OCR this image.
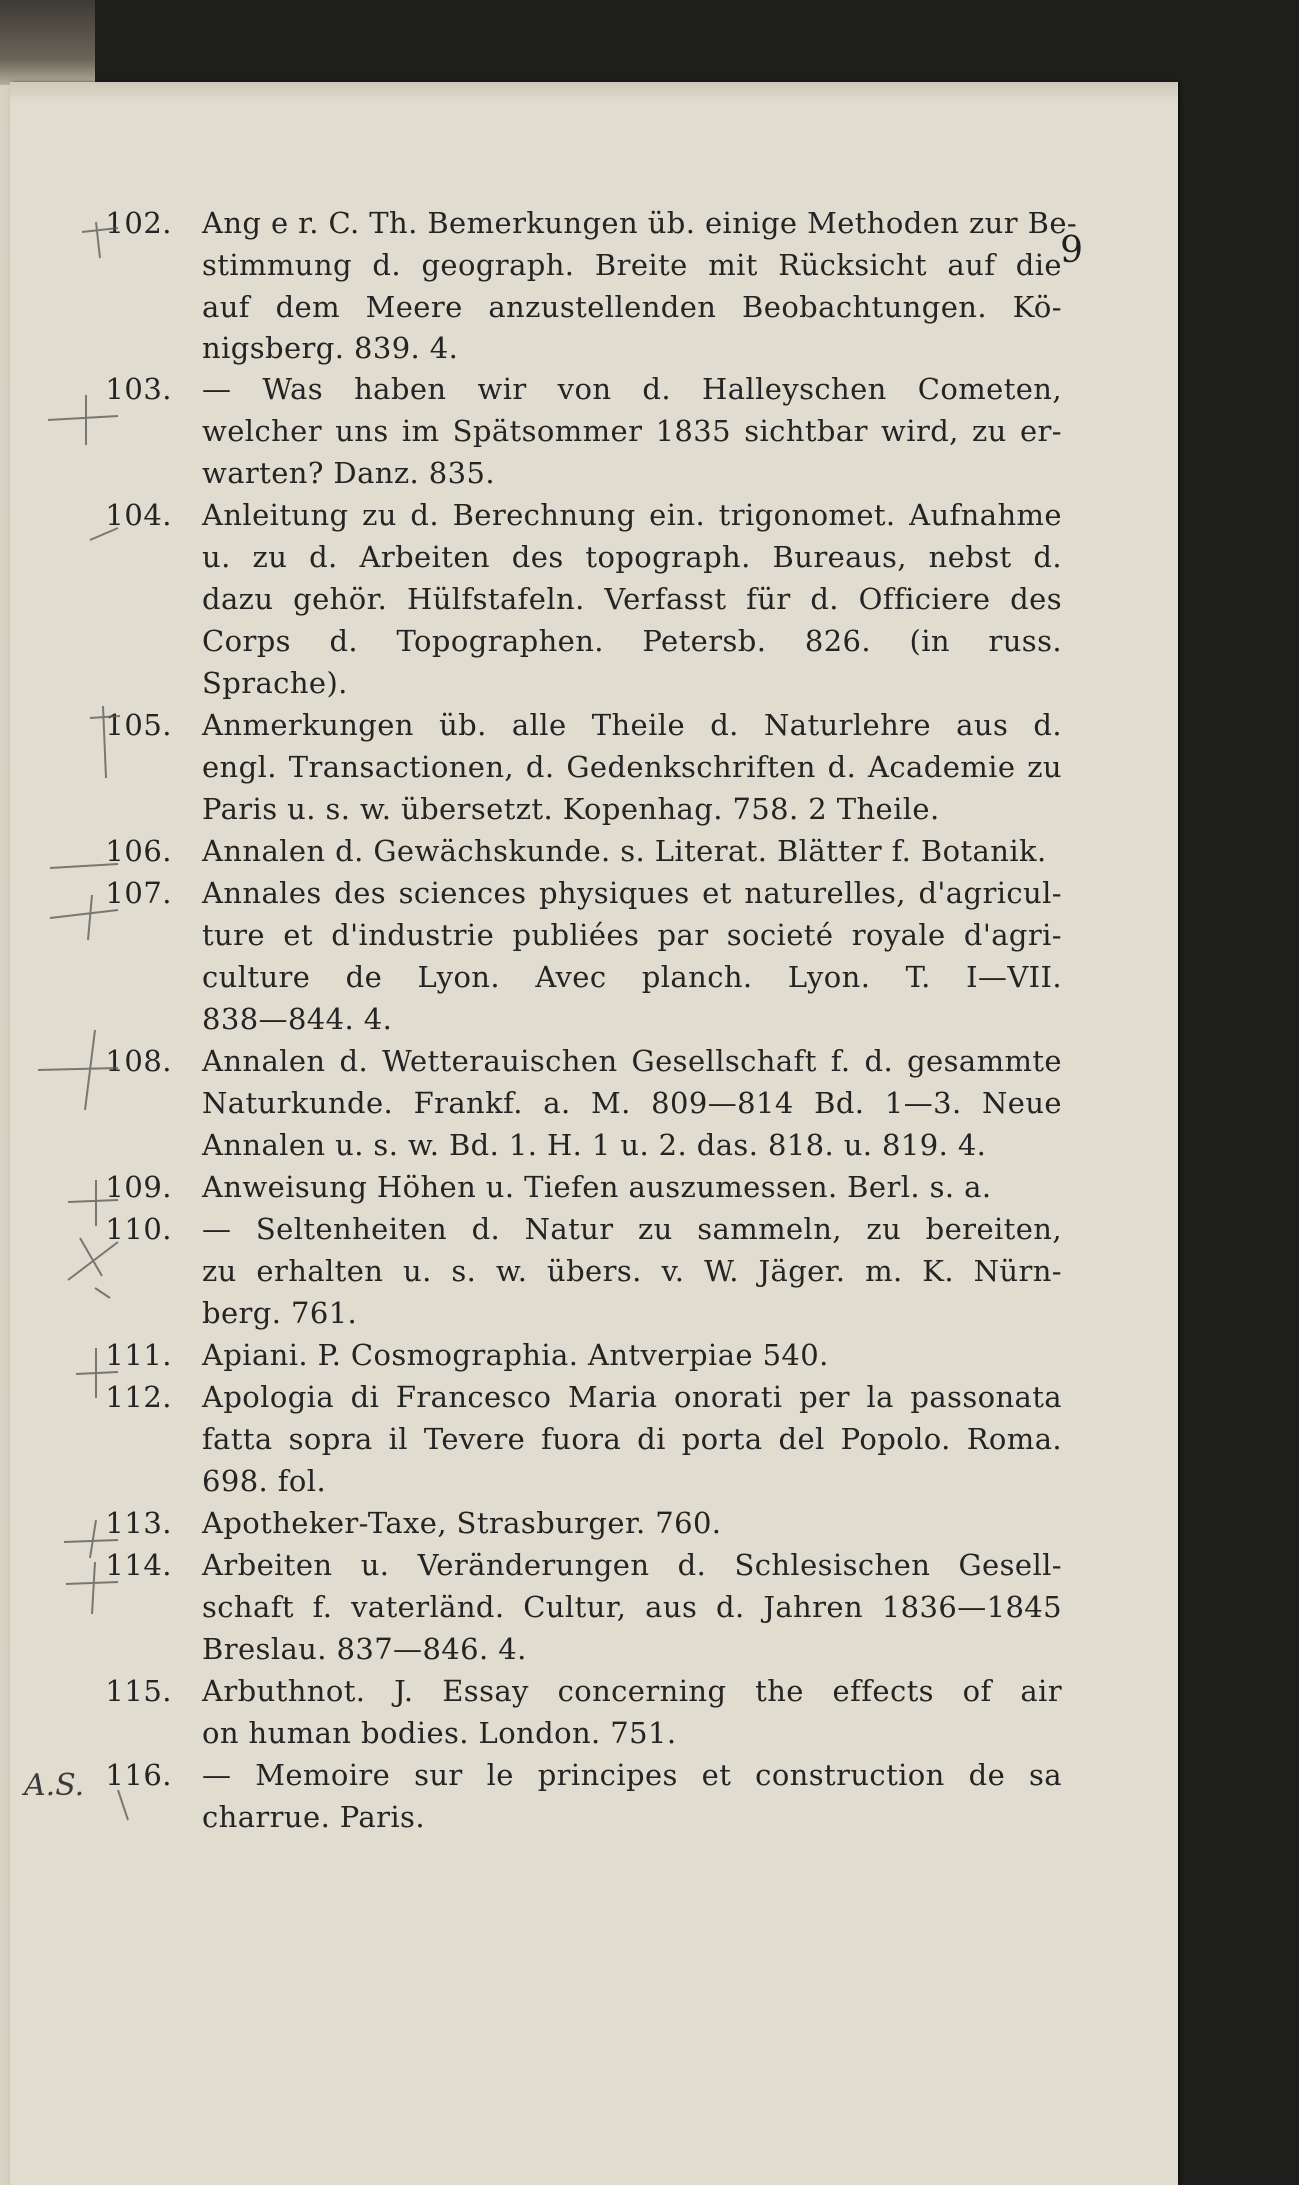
9
102. Ang e r. C. Th. Bemerkungen üb. einige Methoden zur Be-
stimmung d. geograph. Breite mit Rücksicht auf die
auf dem Meere anzustellenden Beobachtungen. Kö-
nigsberg. 839. 4.
103. — Was haben wir von d. Halleyschen Cometen,
welcher uns im Spätsommer 1835 sichtbar wird, zu er-
warten? Danz. 835.
104. Anleitung zu d. Berechnung ein. trigonomet. Aufnahme
u. zu d. Arbeiten des topograph. Bureaus, nebst d.
dazu gehör. Hülfstafeln. Verfasst für d. Officiere des
Corps d. Topographen. Petersb. 826. (in russ.
Sprache).
105. Anmerkungen üb. alle Theile d. Naturlehre aus d.
engl. Transactionen, d. Gedenkschriften d. Academie zu
Paris u. s. w. übersetzt. Kopenhag. 758. 2 Theile.
106. Annalen d. Gewächskunde. s. Literat. Blätter f. Botanik.
107. Annales des sciences physiques et naturelles, d'agricul-
ture et d'industrie publiées par societé royale d'agri-
culture de Lyon. Avec planch. Lyon. T. I—VII.
838—844. 4.
108. Annalen d. Wetterauischen Gesellschaft f. d. gesammte
Naturkunde. Frankf. a. M. 809—814 Bd. 1—3. Neue
Annalen u. s. w. Bd. 1. H. 1 u. 2. das. 818. u. 819. 4.
109. Anweisung Höhen u. Tiefen auszumessen. Berl. s. a.
110. — Seltenheiten d. Natur zu sammeln, zu bereiten,
zu erhalten u. s. w. übers. v. W. Jäger. m. K. Nürn-
berg. 761.
111. Apiani. P. Cosmographia. Antverpiae 540.
112. Apologia di Francesco Maria onorati per la passonata
fatta sopra il Tevere fuora di porta del Popolo. Roma.
698. fol.
113. Apotheker-Taxe, Strasburger. 760.
114. Arbeiten u. Veränderungen d. Schlesischen Gesell-
schaft f. vaterländ. Cultur, aus d. Jahren 1836—1845
Breslau. 837—846. 4.
115. Arbuthnot. J. Essay concerning the effects of air
on human bodies. London. 751.
116. — Memoire sur le principes et construction de sa
charrue. Paris.
A.S.
